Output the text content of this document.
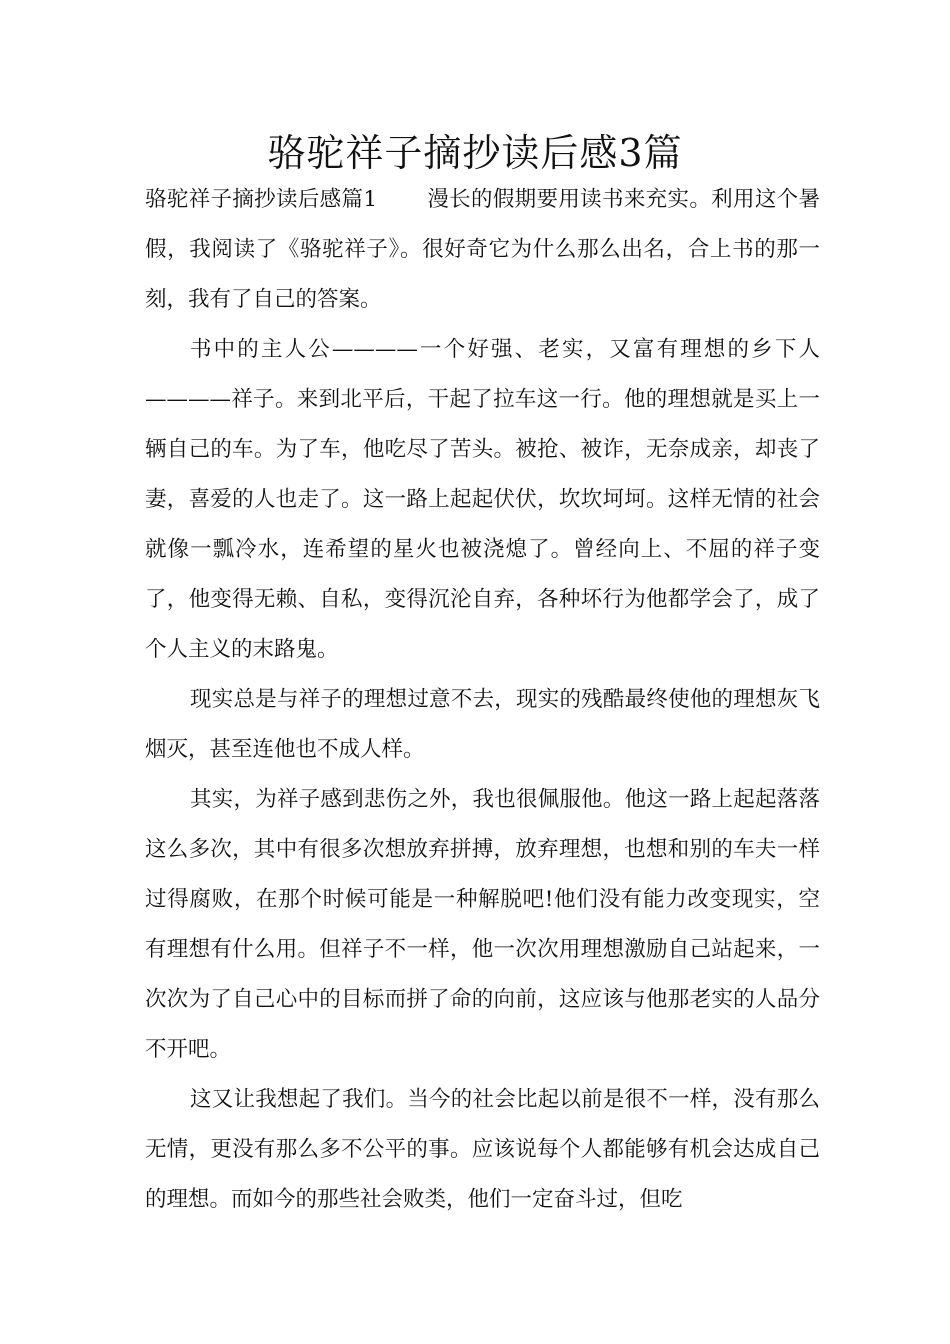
骆驼祥子摘抄读后感3篇

骆驼祥子摘抄读后感篇1 漫长的假期要用读书来充实。利用这个暑假，我阅读了《骆驼祥子》。很好奇它为什么那么出名，合上书的那一刻，我有了自己的答案。

书中的主人公————一个好强、老实，又富有理想的乡下人————祥子。来到北平后，干起了拉车这一行。他的理想就是买上一辆自己的车。为了车，他吃尽了苦头。被抢、被诈，无奈成亲，却丧了妻，喜爱的人也走了。这一路上起起伏伏，坎坎坷坷。这样无情的社会就像一瓢冷水，连希望的星火也被浇熄了。曾经向上、不屈的祥子变了，他变得无赖、自私，变得沉沦自弃，各种坏行为他都学会了，成了个人主义的末路鬼。

现实总是与祥子的理想过意不去，现实的残酷最终使他的理想灰飞烟灭，甚至连他也不成人样。

其实，为祥子感到悲伤之外，我也很佩服他。他这一路上起起落落这么多次，其中有很多次想放弃拼搏，放弃理想，也想和别的车夫一样过得腐败，在那个时候可能是一种解脱吧!他们没有能力改变现实，空有理想有什么用。但祥子不一样，他一次次用理想激励自己站起来，一次次为了自己心中的目标而拼了命的向前，这应该与他那老实的人品分不开吧。

这又让我想起了我们。当今的社会比起以前是很不一样，没有那么无情，更没有那么多不公平的事。应该说每个人都能够有机会达成自己的理想。而如今的那些社会败类，他们一定奋斗过，但吃
